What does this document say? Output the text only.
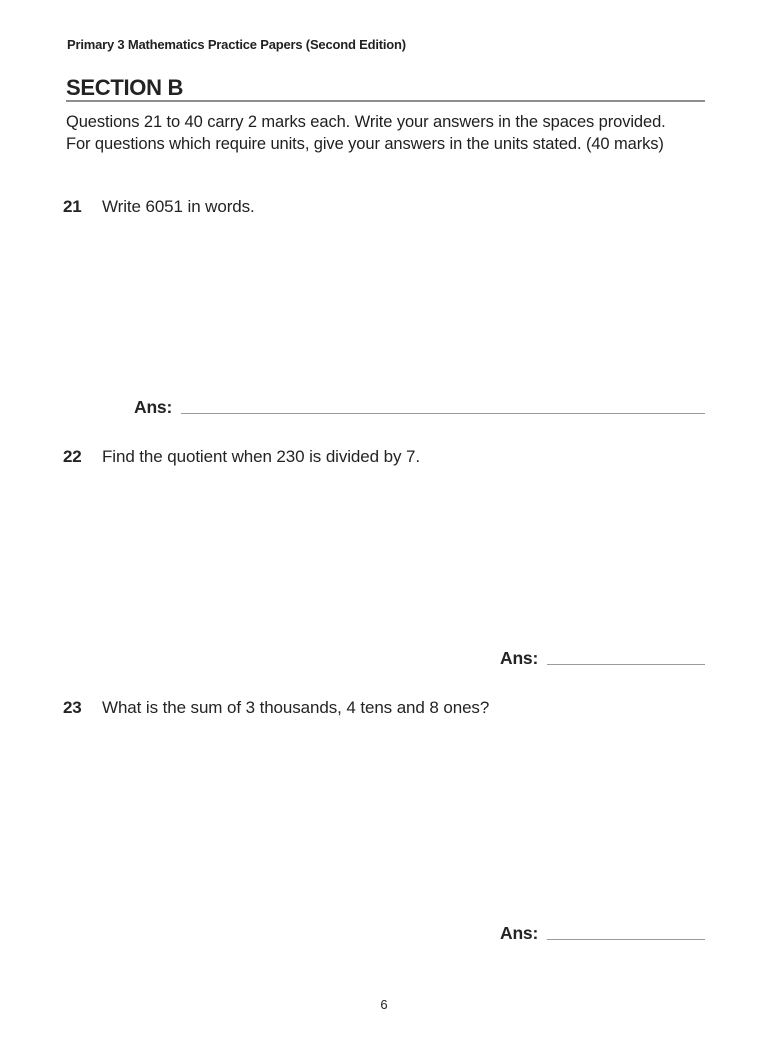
Primary 3 Mathematics Practice Papers (Second Edition)
SECTION B
Questions 21 to 40 carry 2 marks each. Write your answers in the spaces provided.
For questions which require units, give your answers in the units stated. (40 marks)
21 Write 6051 in words.
Ans:
22 Find the quotient when 230 is divided by 7.
Ans:
23 What is the sum of 3 thousands, 4 tens and 8 ones?
Ans:
6
